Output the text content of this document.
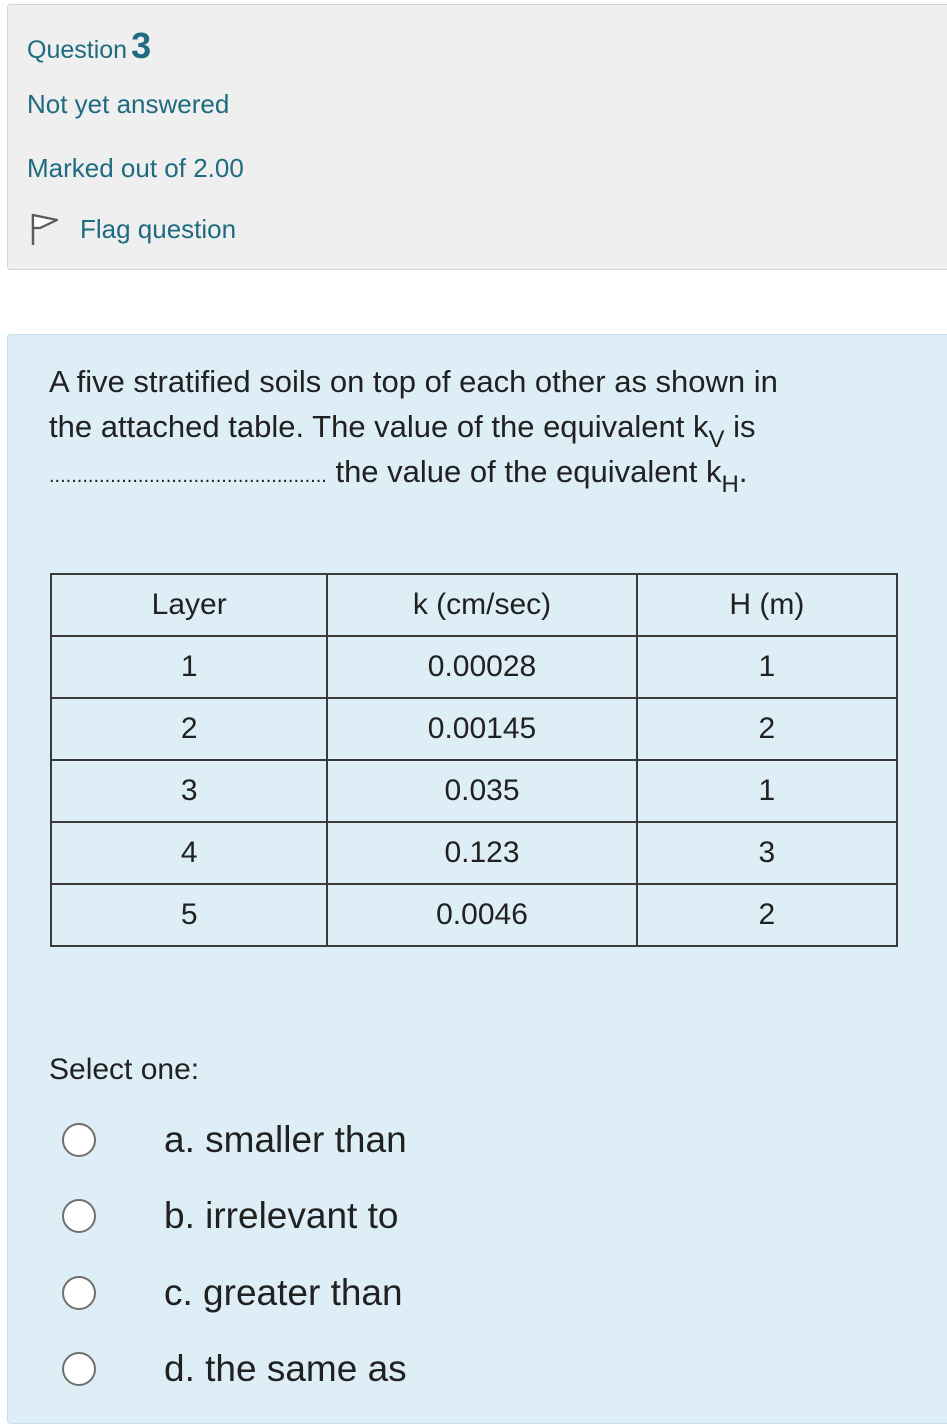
Question 3
Not yet answered
Marked out of 2.00
Flag question
A five stratified soils on top of each other as shown in
the attached table. The value of the equivalent $k_V$ is
.................................................. the value of the equivalent $k_H$.
Layer	k (cm/sec)	H (m)
1	0.00028	1
2	0.00145	2
3	0.035	1
4	0.123	3
5	0.0046	2
Select one:
a. smaller than
b. irrelevant to
c. greater than
d. the same as
